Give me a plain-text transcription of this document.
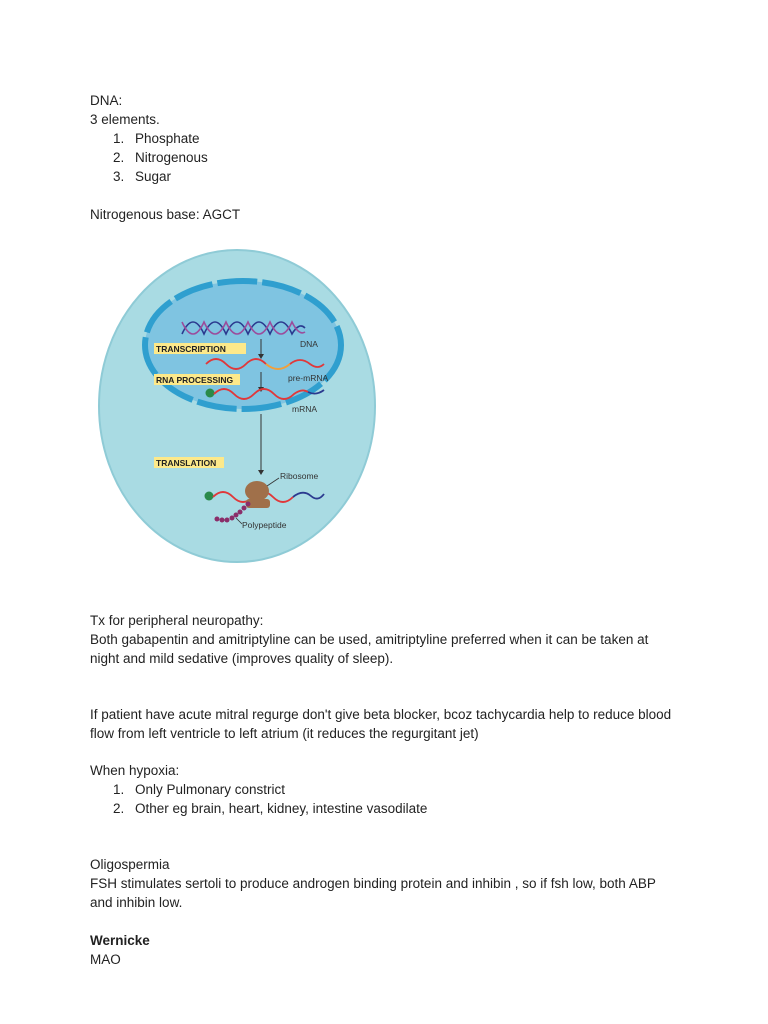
DNA:
3 elements.
1. Phosphate
2. Nitrogenous
3. Sugar
Nitrogenous base: AGCT
DNA
TRANSCRIPTION
pre-mRNA
RNA PROCESSING
mRNA
TRANSLATION
Ribosome
Polypeptide
Tx for peripheral neuropathy:
Both gabapentin and amitriptyline can be used, amitriptyline preferred when it can be taken at night and mild sedative (improves quality of sleep).
If patient have acute mitral regurge don't give beta blocker, bcoz tachycardia help to reduce blood flow from left ventricle to left atrium (it reduces the regurgitant jet)
When hypoxia:
1. Only Pulmonary constrict
2. Other eg brain, heart, kidney, intestine vasodilate
Oligospermia
FSH stimulates sertoli to produce androgen binding protein and inhibin , so if fsh low, both ABP and inhibin low.
Wernicke
MAO
